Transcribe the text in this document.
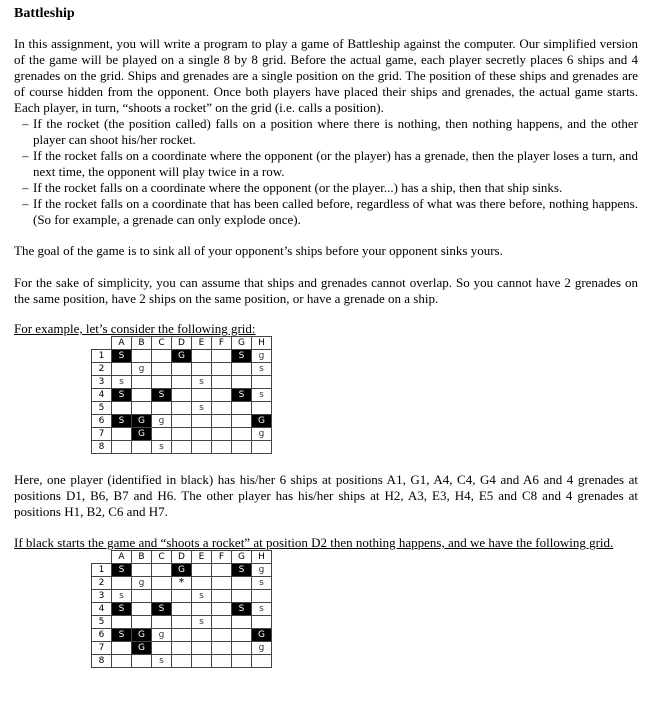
Battleship

In this assignment, you will write a program to play a game of Battleship against the computer. Our simplified version of the game will be played on a single 8 by 8 grid. Before the actual game, each player secretly places 6 ships and 4 grenades on the grid. Ships and grenades are a single position on the grid. The position of these ships and grenades are of course hidden from the opponent. Once both players have placed their ships and grenades, the actual game starts. Each player, in turn, “shoots a rocket” on the grid (i.e. calls a position).

– If the rocket (the position called) falls on a position where there is nothing, then nothing happens, and the other player can shoot his/her rocket.
– If the rocket falls on a coordinate where the opponent (or the player) has a grenade, then the player loses a turn, and next time, the opponent will play twice in a row.
– If the rocket falls on a coordinate where the opponent (or the player...) has a ship, then that ship sinks.
– If the rocket falls on a coordinate that has been called before, regardless of what was there before, nothing happens. (So for example, a grenade can only explode once).

The goal of the game is to sink all of your opponent’s ships before your opponent sinks yours.

For the sake of simplicity, you can assume that ships and grenades cannot overlap. So you cannot have 2 grenades on the same position, have 2 ships on the same position, or have a grenade on a ship.

For example, let’s consider the following grid:

	A	B	C	D	E	F	G	H
1	S			G			S	g
2		g						s
3	s				s			
4	S		S				S	s
5					s			
6	S	G	g					G
7		G						g
8			s					

Here, one player (identified in black) has his/her 6 ships at positions A1, G1, A4, C4, G4 and A6 and 4 grenades at positions D1, B6, B7 and H6. The other player has his/her ships at H2, A3, E3, H4, E5 and C8 and 4 grenades at positions H1, B2, C6 and H7.

If black starts the game and “shoots a rocket” at position D2 then nothing happens, and we have the following grid.

	A	B	C	D	E	F	G	H
1	S			G			S	g
2		g		*				s
3	s				s			
4	S		S				S	s
5					s			
6	S	G	g					G
7		G						g
8			s					
